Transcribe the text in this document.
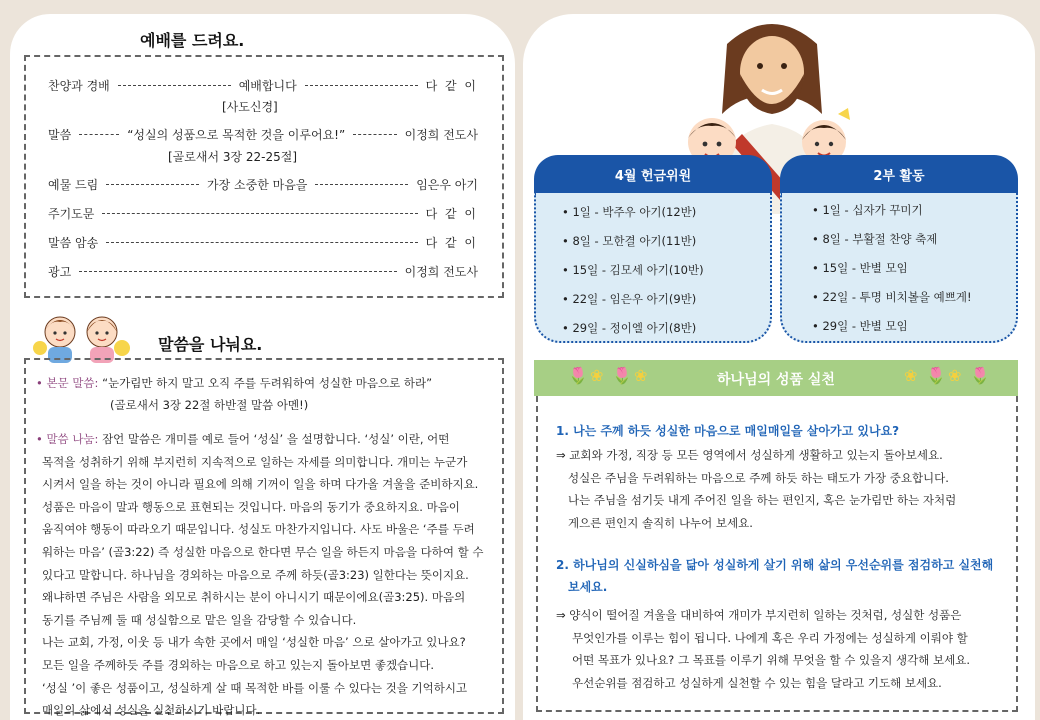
예배를 드려요.
찬양과 경배	예배합니다	다 같 이
[사도신경]
말씀	“성실의 성품으로 목적한 것을 이루어요!”	이정희 전도사
[골로새서 3장 22-25절]
예물 드림	가장 소중한 마음을	임은우 아기
주기도문	다 같 이
말씀 암송	다 같 이
광고	이정희 전도사
말씀을 나눠요.
• 본문 말씀: “눈가림만 하지 말고 오직 주를 두려워하여 성실한 마음으로 하라”
(골로새서 3장 22절 하반절 말씀 아멘!)
• 말씀 나눔: 잠언 말씀은 개미를 예로 들어 ‘성실’ 을 설명합니다. ‘성실’ 이란, 어떤
목적을 성취하기 위해 부지런히 지속적으로 일하는 자세를 의미합니다. 개미는 누군가
시켜서 일을 하는 것이 아니라 필요에 의해 기꺼이 일을 하며 다가올 겨울을 준비하지요.
성품은 마음이 말과 행동으로 표현되는 것입니다. 마음의 동기가 중요하지요. 마음이
움직여야 행동이 따라오기 때문입니다. 성실도 마찬가지입니다. 사도 바울은 ‘주를 두려
워하는 마음’ (골3:22) 즉 성실한 마음으로 한다면 무슨 일을 하든지 마음을 다하여 할 수
있다고 말합니다. 하나님을 경외하는 마음으로 주께 하듯(골3:23) 일한다는 뜻이지요.
왜냐하면 주님은 사람을 외모로 취하시는 분이 아니시기 때문이에요(골3:25). 마음의
동기를 주님께 둘 때 성실함으로 맡은 일을 감당할 수 있습니다.
나는 교회, 가정, 이웃 등 내가 속한 곳에서 매일 ‘성실한 마음’ 으로 살아가고 있나요?
모든 일을 주께하듯 주를 경외하는 마음으로 하고 있는지 돌아보면 좋겠습니다.
‘성실 ’이 좋은 성품이고, 성실하게 살 때 목적한 바를 이룰 수 있다는 것을 기억하시고
매일의 삶에서 성실을 실천하시기 바랍니다.
4월 헌금위원
• 1일 - 박주우 아기(12반)
• 8일 - 모한결 아기(11반)
• 15일 - 김모세 아기(10반)
• 22일 - 임은우 아기(9반)
• 29일 - 정이엘 아기(8반)
2부 활동
• 1일 - 십자가 꾸미기
• 8일 - 부활절 찬양 축제
• 15일 - 반별 모임
• 22일 - 투명 비치볼을 예쁘게!
• 29일 - 반별 모임
🌷 ❀ 🌷 ❀	하나님의 성품 실천	❀ 🌷 ❀ 🌷
1. 나는 주께 하듯 성실한 마음으로 매일매일을 살아가고 있나요?
⇒ 교회와 가정, 직장 등 모든 영역에서 성실하게 생활하고 있는지 돌아보세요.
성실은 주님을 두려워하는 마음으로 주께 하듯 하는 태도가 가장 중요합니다.
나는 주님을 섬기듯 내게 주어진 일을 하는 편인지, 혹은 눈가림만 하는 자처럼
게으른 편인지 솔직히 나누어 보세요.
2. 하나님의 신실하심을 닮아 성실하게 살기 위해 삶의 우선순위를 점검하고 실천해
보세요.
⇒ 양식이 떨어질 겨울을 대비하여 개미가 부지런히 일하는 것처럼, 성실한 성품은
무엇인가를 이루는 힘이 됩니다. 나에게 혹은 우리 가정에는 성실하게 이뤄야 할
어떤 목표가 있나요? 그 목표를 이루기 위해 무엇을 할 수 있을지 생각해 보세요.
우선순위를 점검하고 성실하게 실천할 수 있는 힘을 달라고 기도해 보세요.
